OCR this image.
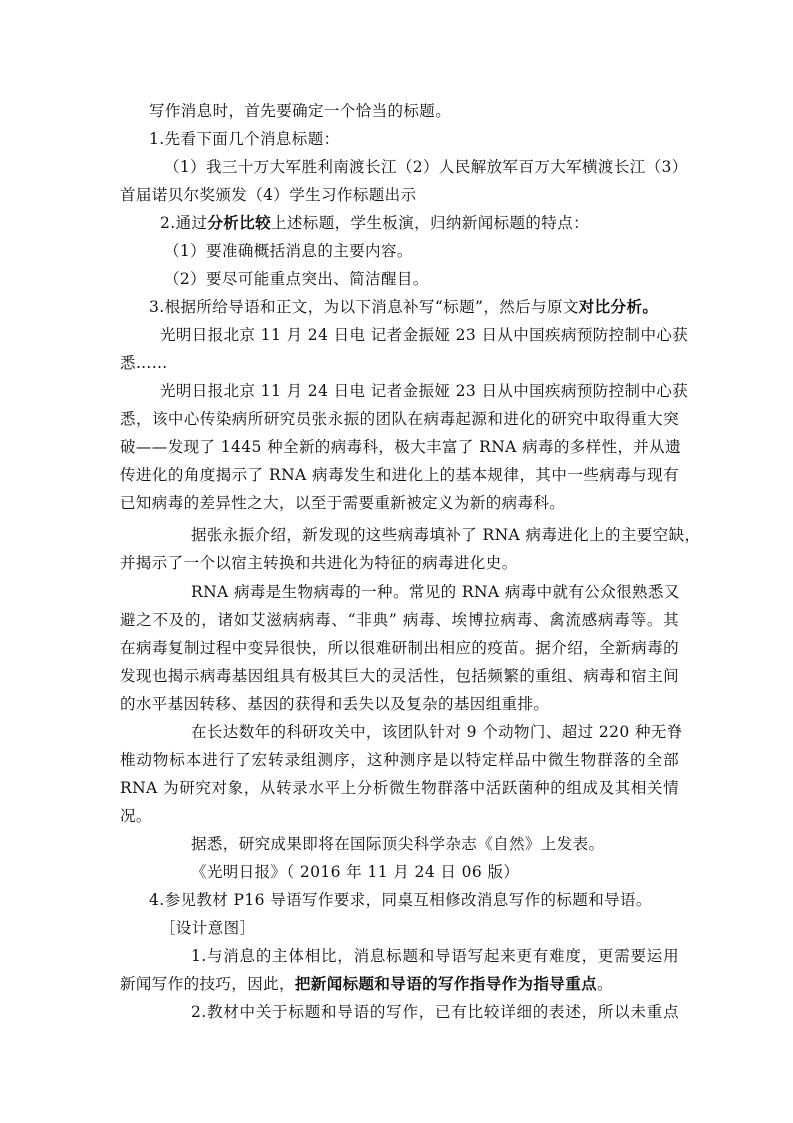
写作消息时，首先要确定一个恰当的标题。
1.先看下面几个消息标题：
（1）我三十万大军胜利南渡长江（2）人民解放军百万大军横渡长江（3）
首届诺贝尔奖颁发（4）学生习作标题出示
2.通过分析比较上述标题，学生板演，归纳新闻标题的特点：
（1）要准确概括消息的主要内容。
（2）要尽可能重点突出、简洁醒目。
3.根据所给导语和正文，为以下消息补写“标题”，然后与原文对比分析。
光明日报北京 11 月 24 日电 记者金振娅 23 日从中国疾病预防控制中心获
悉……
光明日报北京 11 月 24 日电 记者金振娅 23 日从中国疾病预防控制中心获
悉，该中心传染病所研究员张永振的团队在病毒起源和进化的研究中取得重大突
破——发现了 1445 种全新的病毒科，极大丰富了 RNA 病毒的多样性，并从遗
传进化的角度揭示了 RNA 病毒发生和进化上的基本规律，其中一些病毒与现有
已知病毒的差异性之大，以至于需要重新被定义为新的病毒科。
据张永振介绍，新发现的这些病毒填补了 RNA 病毒进化上的主要空缺，
并揭示了一个以宿主转换和共进化为特征的病毒进化史。
RNA 病毒是生物病毒的一种。常见的 RNA 病毒中就有公众很熟悉又
避之不及的，诸如艾滋病病毒、“非典” 病毒、埃博拉病毒、禽流感病毒等。其
在病毒复制过程中变异很快，所以很难研制出相应的疫苗。据介绍，全新病毒的
发现也揭示病毒基因组具有极其巨大的灵活性，包括频繁的重组、病毒和宿主间
的水平基因转移、基因的获得和丢失以及复杂的基因组重排。
在长达数年的科研攻关中，该团队针对 9 个动物门、超过 220 种无脊
椎动物标本进行了宏转录组测序，这种测序是以特定样品中微生物群落的全部
RNA 为研究对象，从转录水平上分析微生物群落中活跃菌种的组成及其相关情
况。
据悉，研究成果即将在国际顶尖科学杂志《自然》上发表。
《光明日报》（ 2016 年 11 月 24 日 06 版）
4.参见教材 P16 导语写作要求，同桌互相修改消息写作的标题和导语。
［设计意图］
1.与消息的主体相比，消息标题和导语写起来更有难度，更需要运用
新闻写作的技巧，因此，把新闻标题和导语的写作指导作为指导重点。
2.教材中关于标题和导语的写作，已有比较详细的表述，所以未重点
